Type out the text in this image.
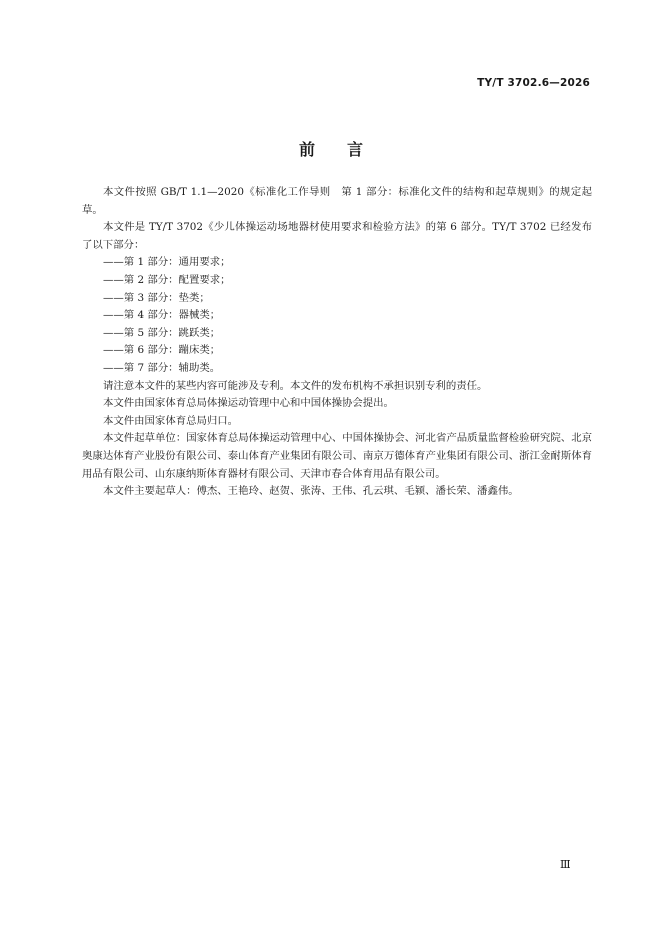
TY/T 3702.6—2026
前言

本文件按照 GB/T 1.1—2020《标准化工作导则　第 1 部分：标准化文件的结构和起草规则》的规定起草。

本文件是 TY/T 3702《少儿体操运动场地器材使用要求和检验方法》的第 6 部分。TY/T 3702 已经发布了以下部分：

——第 1 部分：通用要求；

——第 2 部分：配置要求；

——第 3 部分：垫类；

——第 4 部分：器械类；

——第 5 部分：跳跃类；

——第 6 部分：蹦床类；

——第 7 部分：辅助类。

请注意本文件的某些内容可能涉及专利。本文件的发布机构不承担识别专利的责任。

本文件由国家体育总局体操运动管理中心和中国体操协会提出。

本文件由国家体育总局归口。

本文件起草单位：国家体育总局体操运动管理中心、中国体操协会、河北省产品质量监督检验研究院、北京奥康达体育产业股份有限公司、泰山体育产业集团有限公司、南京万德体育产业集团有限公司、浙江金耐斯体育用品有限公司、山东康纳斯体育器材有限公司、天津市春合体育用品有限公司。

本文件主要起草人：傅杰、王艳玲、赵贺、张涛、王伟、孔云琪、毛颍、潘长荣、潘鑫伟。

Ⅲ
